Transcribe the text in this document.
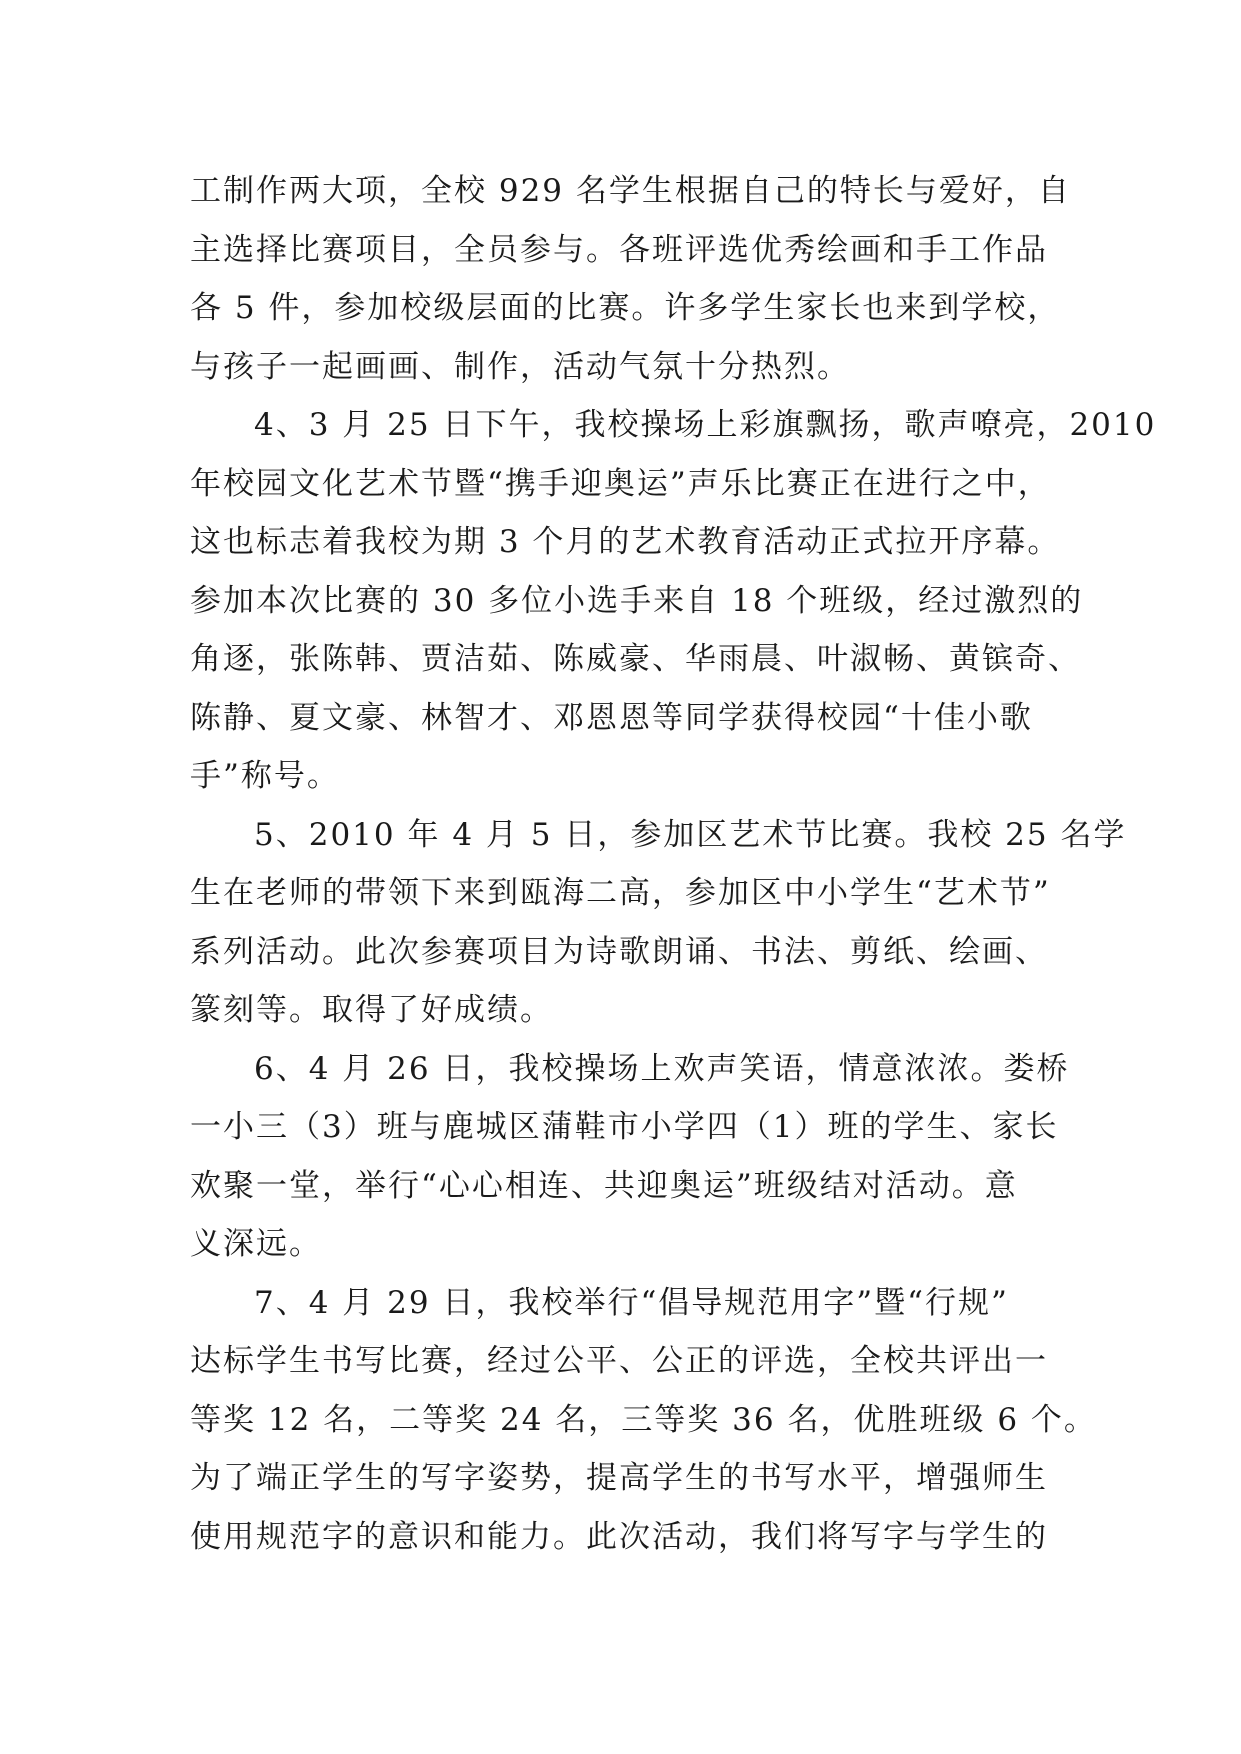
工制作两大项，全校 929 名学生根据自己的特长与爱好，自
主选择比赛项目，全员参与。各班评选优秀绘画和手工作品
各 5 件，参加校级层面的比赛。许多学生家长也来到学校，
与孩子一起画画、制作，活动气氛十分热烈。
4、3 月 25 日下午，我校操场上彩旗飘扬，歌声嘹亮，2010
年校园文化艺术节暨“携手迎奥运”声乐比赛正在进行之中，
这也标志着我校为期 3 个月的艺术教育活动正式拉开序幕。
参加本次比赛的 30 多位小选手来自 18 个班级，经过激烈的
角逐，张陈韩、贾洁茹、陈威豪、华雨晨、叶淑畅、黄镔奇、
陈静、夏文豪、林智才、邓恩恩等同学获得校园“十佳小歌
手”称号。
5、2010 年 4 月 5 日，参加区艺术节比赛。我校 25 名学
生在老师的带领下来到瓯海二高，参加区中小学生“艺术节”
系列活动。此次参赛项目为诗歌朗诵、书法、剪纸、绘画、
篆刻等。取得了好成绩。
6、4 月 26 日，我校操场上欢声笑语，情意浓浓。娄桥
一小三（3）班与鹿城区蒲鞋市小学四（1）班的学生、家长
欢聚一堂，举行“心心相连、共迎奥运”班级结对活动。意
义深远。
7、4 月 29 日，我校举行“倡导规范用字”暨“行规”
达标学生书写比赛，经过公平、公正的评选，全校共评出一
等奖 12 名，二等奖 24 名，三等奖 36 名，优胜班级 6 个。
为了端正学生的写字姿势，提高学生的书写水平，增强师生
使用规范字的意识和能力。此次活动，我们将写字与学生的
